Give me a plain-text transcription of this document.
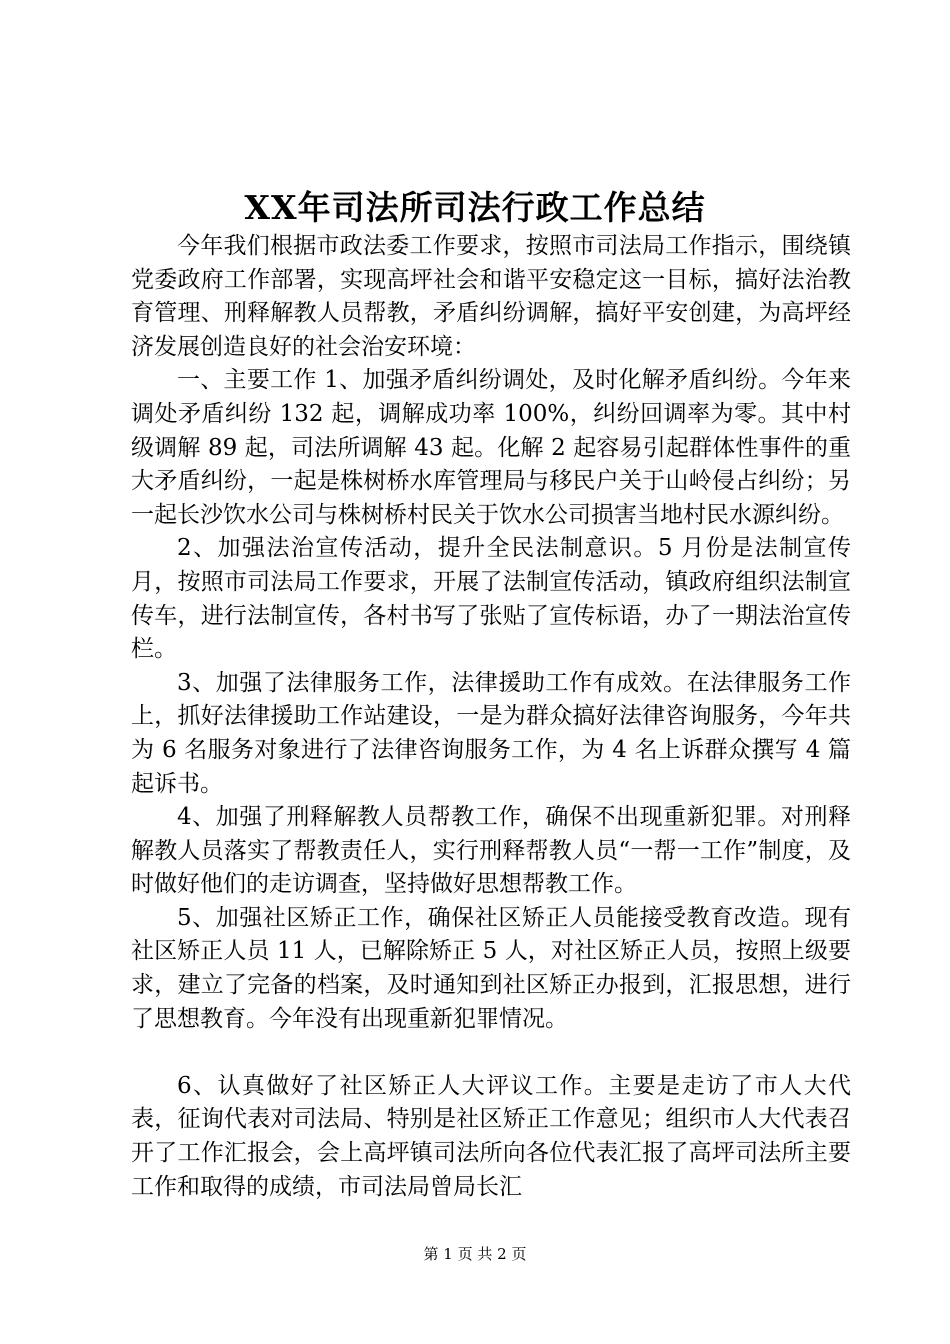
XX年司法所司法行政工作总结

今年我们根据市政法委工作要求，按照市司法局工作指示，围绕镇党委政府工作部署，实现高坪社会和谐平安稳定这一目标，搞好法治教育管理、刑释解教人员帮教，矛盾纠纷调解，搞好平安创建，为高坪经济发展创造良好的社会治安环境：

一、主要工作 1、加强矛盾纠纷调处，及时化解矛盾纠纷。今年来调处矛盾纠纷 132 起，调解成功率 100%，纠纷回调率为零。其中村级调解 89 起，司法所调解 43 起。化解 2 起容易引起群体性事件的重大矛盾纠纷，一起是株树桥水库管理局与移民户关于山岭侵占纠纷；另一起长沙饮水公司与株树桥村民关于饮水公司损害当地村民水源纠纷。

2、加强法治宣传活动，提升全民法制意识。5 月份是法制宣传月，按照市司法局工作要求，开展了法制宣传活动，镇政府组织法制宣传车，进行法制宣传，各村书写了张贴了宣传标语，办了一期法治宣传栏。

3、加强了法律服务工作，法律援助工作有成效。在法律服务工作上，抓好法律援助工作站建设，一是为群众搞好法律咨询服务，今年共为 6 名服务对象进行了法律咨询服务工作，为 4 名上诉群众撰写 4 篇起诉书。

4、加强了刑释解教人员帮教工作，确保不出现重新犯罪。对刑释解教人员落实了帮教责任人，实行刑释帮教人员“一帮一工作”制度，及时做好他们的走访调查，坚持做好思想帮教工作。

5、加强社区矫正工作，确保社区矫正人员能接受教育改造。现有社区矫正人员 11 人，已解除矫正 5 人，对社区矫正人员，按照上级要求，建立了完备的档案，及时通知到社区矫正办报到，汇报思想，进行了思想教育。今年没有出现重新犯罪情况。

6、认真做好了社区矫正人大评议工作。主要是走访了市人大代表，征询代表对司法局、特别是社区矫正工作意见；组织市人大代表召开了工作汇报会，会上高坪镇司法所向各位代表汇报了高坪司法所主要工作和取得的成绩，市司法局曾局长汇

第 1 页 共 2 页
